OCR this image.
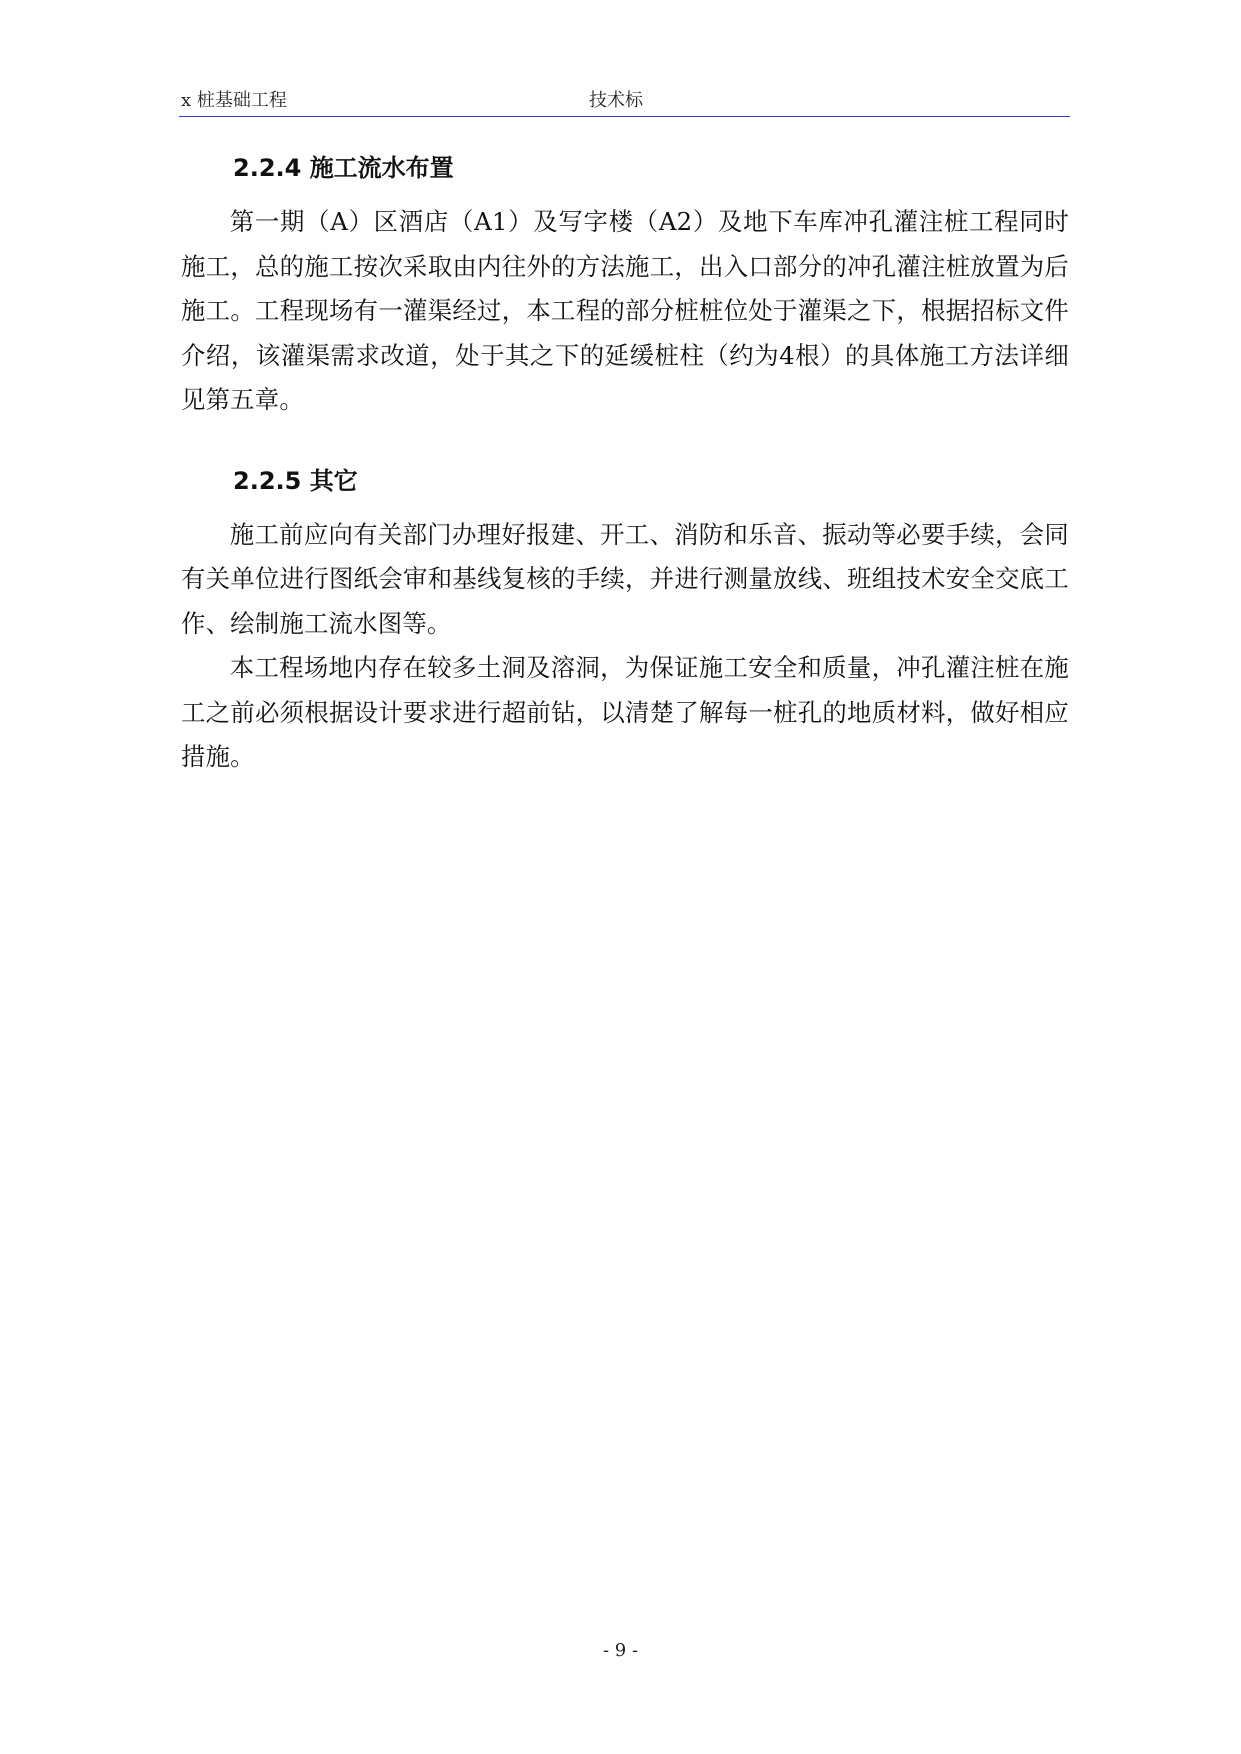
x 桩基础工程	技术标
2.2.4 施工流水布置

第一期（A）区酒店（A1）及写字楼（A2）及地下车库冲孔灌注桩工程同时施工，总的施工按次采取由内往外的方法施工，出入口部分的冲孔灌注桩放置为后施工。工程现场有一灌渠经过，本工程的部分桩桩位处于灌渠之下，根据招标文件介绍，该灌渠需求改道，处于其之下的延缓桩柱（约为4根）的具体施工方法详细见第五章。

2.2.5 其它

施工前应向有关部门办理好报建、开工、消防和乐音、振动等必要手续，会同有关单位进行图纸会审和基线复核的手续，并进行测量放线、班组技术安全交底工作、绘制施工流水图等。

本工程场地内存在较多土洞及溶洞，为保证施工安全和质量，冲孔灌注桩在施工之前必须根据设计要求进行超前钻，以清楚了解每一桩孔的地质材料，做好相应措施。

- 9 -
